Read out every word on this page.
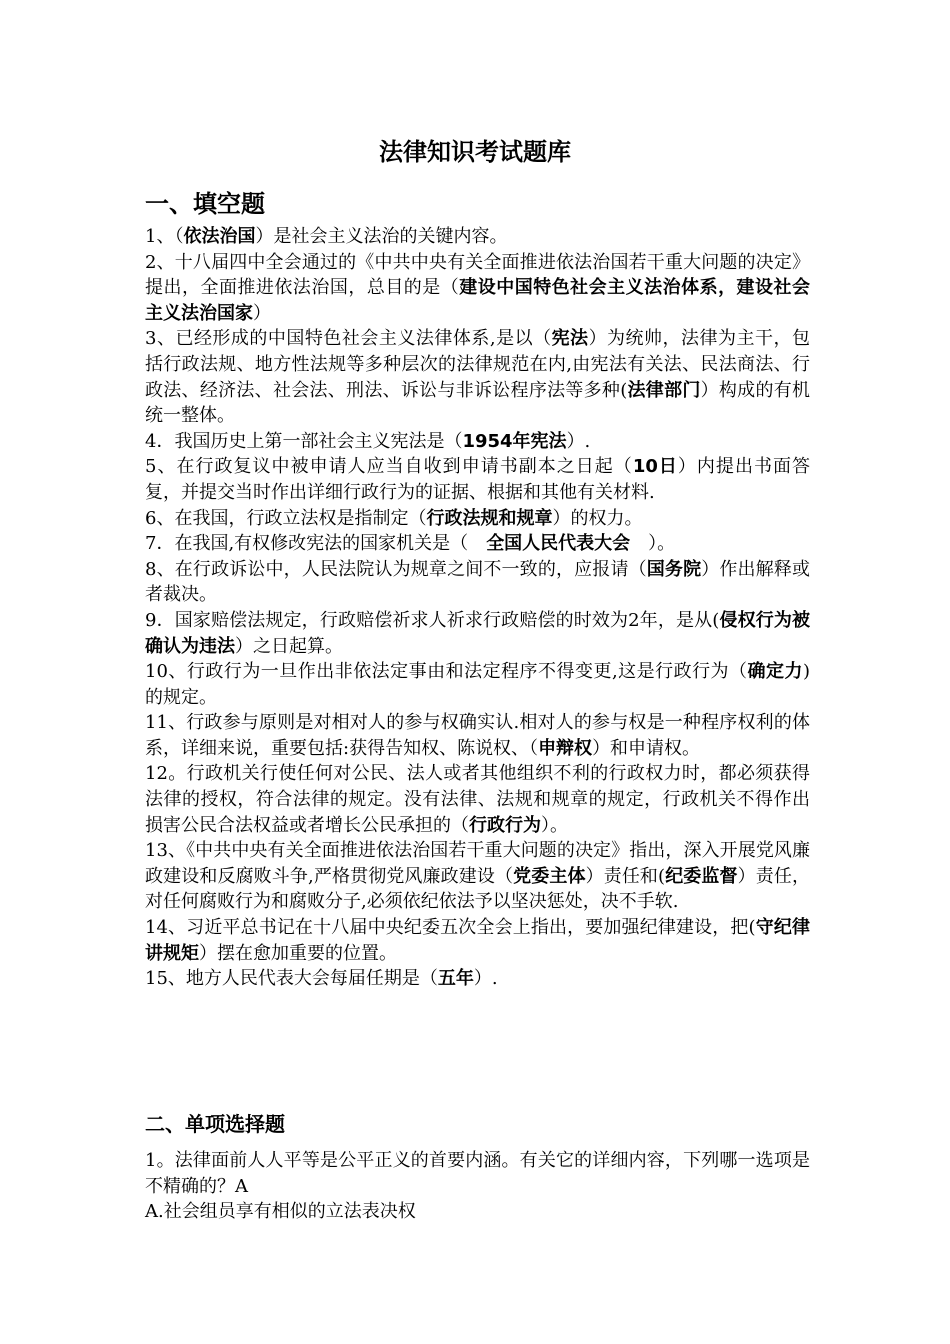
法律知识考试题库
一、填空题

1、（依法治国）是社会主义法治的关键内容。

2、十八届四中全会通过的《中共中央有关全面推进依法治国若干重大问题的决定》提出，全面推进依法治国，总目的是（建设中国特色社会主义法治体系，建设社会主义法治国家）

3、已经形成的中国特色社会主义法律体系,是以（宪法）为统帅，法律为主干，包括行政法规、地方性法规等多种层次的法律规范在内,由宪法有关法、民法商法、行政法、经济法、社会法、刑法、诉讼与非诉讼程序法等多种(法律部门）构成的有机统一整体。

4．我国历史上第一部社会主义宪法是（1954年宪法）.

5、在行政复议中被申请人应当自收到申请书副本之日起（10日）内提出书面答复，并提交当时作出详细行政行为的证据、根据和其他有关材料.

6、在我国，行政立法权是指制定（行政法规和规章）的权力。

7．在我国,有权修改宪法的国家机关是（　全国人民代表大会　）。

8、在行政诉讼中，人民法院认为规章之间不一致的，应报请（国务院）作出解释或者裁决。

9．国家赔偿法规定，行政赔偿祈求人祈求行政赔偿的时效为2年，是从(侵权行为被确认为违法）之日起算。

10、行政行为一旦作出非依法定事由和法定程序不得变更,这是行政行为（确定力)的规定。

11、行政参与原则是对相对人的参与权确实认.相对人的参与权是一种程序权利的体系，详细来说，重要包括:获得告知权、陈说权、（申辩权）和申请权。

12。行政机关行使任何对公民、法人或者其他组织不利的行政权力时，都必须获得法律的授权，符合法律的规定。没有法律、法规和规章的规定，行政机关不得作出损害公民合法权益或者增长公民承担的（行政行为）。

13、《中共中央有关全面推进依法治国若干重大问题的决定》指出，深入开展党风廉政建设和反腐败斗争,严格贯彻党风廉政建设（党委主体）责任和(纪委监督）责任，对任何腐败行为和腐败分子,必须依纪依法予以坚决惩处，决不手软.

14、习近平总书记在十八届中央纪委五次全会上指出，要加强纪律建设，把(守纪律讲规矩）摆在愈加重要的位置。

15、地方人民代表大会每届任期是（五年）.

二、单项选择题

1。法律面前人人平等是公平正义的首要内涵。有关它的详细内容，下列哪一选项是不精确的？A

A.社会组员享有相似的立法表决权
